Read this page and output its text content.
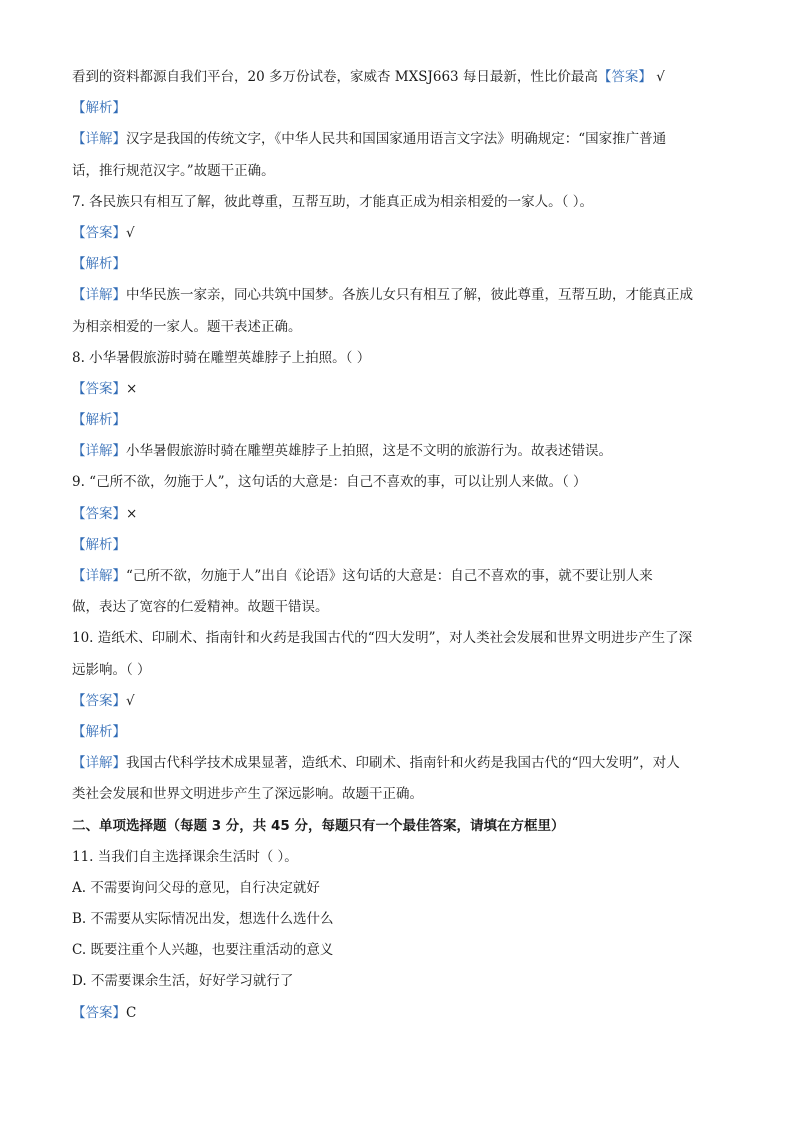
看到的资料都源自我们平台，20 多万份试卷，家威杏 MXSJ663 每日最新，性比价最高【答案】 √
【解析】
【详解】汉字是我国的传统文字，《中华人民共和国国家通用语言文字法》明确规定：“国家推广普通
话，推行规范汉字。”故题干正确。
7. 各民族只有相互了解，彼此尊重，互帮互助，才能真正成为相亲相爱的一家人。（ ）。
【答案】√
【解析】
【详解】中华民族一家亲，同心共筑中国梦。各族儿女只有相互了解，彼此尊重，互帮互助，才能真正成
为相亲相爱的一家人。题干表述正确。
8. 小华暑假旅游时骑在雕塑英雄脖子上拍照。（ ）
【答案】×
【解析】
【详解】小华暑假旅游时骑在雕塑英雄脖子上拍照，这是不文明的旅游行为。故表述错误。
9. “己所不欲，勿施于人”，这句话的大意是：自己不喜欢的事，可以让别人来做。（ ）
【答案】×
【解析】
【详解】“己所不欲，勿施于人”出自《论语》这句话的大意是：自己不喜欢的事，就不要让别人来
做，表达了宽容的仁爱精神。故题干错误。
10. 造纸术、印刷术、指南针和火药是我国古代的“四大发明”，对人类社会发展和世界文明进步产生了深
远影响。（ ）
【答案】√
【解析】
【详解】我国古代科学技术成果显著，造纸术、印刷术、指南针和火药是我国古代的“四大发明”，对人
类社会发展和世界文明进步产生了深远影响。故题干正确。
二、单项选择题（每题 3 分，共 45 分，每题只有一个最佳答案，请填在方框里）
11. 当我们自主选择课余生活时（ ）。
A. 不需要询问父母的意见，自行决定就好
B. 不需要从实际情况出发，想选什么选什么
C. 既要注重个人兴趣，也要注重活动的意义
D. 不需要课余生活，好好学习就行了
【答案】C
